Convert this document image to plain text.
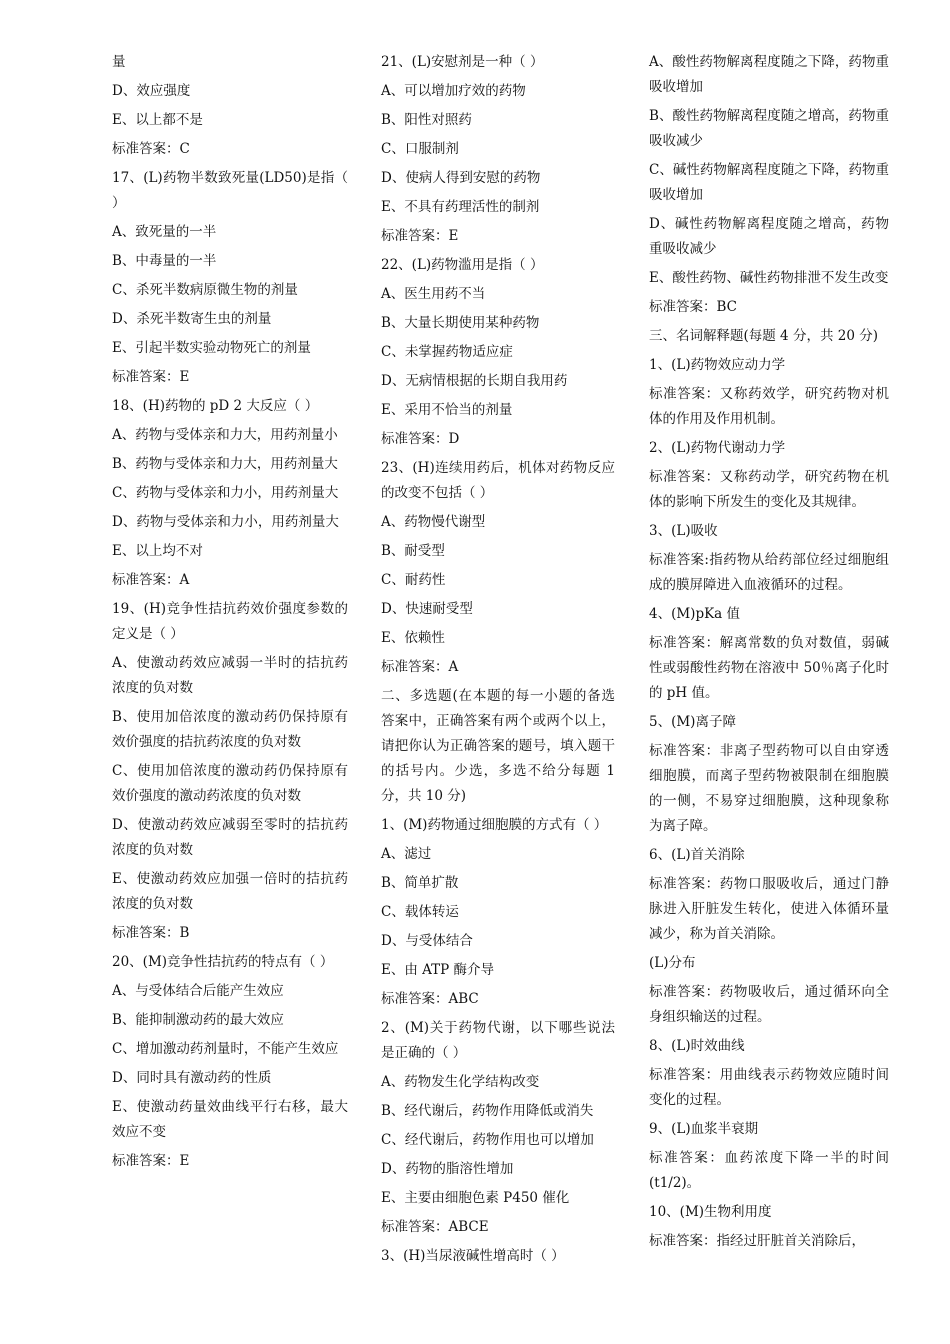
量

D、效应强度

E、以上都不是

标准答案：C

17、(L)药物半数致死量(LD50)是指（ ）

A、致死量的一半

B、中毒量的一半

C、杀死半数病原微生物的剂量

D、杀死半数寄生虫的剂量

E、引起半数实验动物死亡的剂量

标准答案：E

18、(H)药物的 pD 2 大反应（ ）

A、药物与受体亲和力大，用药剂量小

B、药物与受体亲和力大，用药剂量大

C、药物与受体亲和力小，用药剂量大

D、药物与受体亲和力小，用药剂量大

E、以上均不对

标准答案：A

19、(H)竞争性拮抗药效价强度参数的定义是（ ）

A、使激动药效应减弱一半时的拮抗药浓度的负对数

B、使用加倍浓度的激动药仍保持原有效价强度的拮抗药浓度的负对数

C、使用加倍浓度的激动药仍保持原有效价强度的激动药浓度的负对数

D、使激动药效应减弱至零时的拮抗药浓度的负对数

E、使激动药效应加强一倍时的拮抗药浓度的负对数

标准答案：B

20、(M)竞争性拮抗药的特点有（ ）

A、与受体结合后能产生效应

B、能抑制激动药的最大效应

C、增加激动药剂量时，不能产生效应

D、同时具有激动药的性质

E、使激动药量效曲线平行右移，最大效应不变

标准答案：E

21、(L)安慰剂是一种（ ）

A、可以增加疗效的药物

B、阳性对照药

C、口服制剂

D、使病人得到安慰的药物

E、不具有药理活性的制剂

标准答案：E

22、(L)药物滥用是指（ ）

A、医生用药不当

B、大量长期使用某种药物

C、未掌握药物适应症

D、无病情根据的长期自我用药

E、采用不恰当的剂量

标准答案：D

23、(H)连续用药后，机体对药物反应的改变不包括（ ）

A、药物慢代谢型

B、耐受型

C、耐药性

D、快速耐受型

E、依赖性

标准答案：A

二、多选题(在本题的每一小题的备选答案中，正确答案有两个或两个以上，请把你认为正确答案的题号，填入题干的括号内。少选，多选不给分每题 1 分，共 10 分)

1、(M)药物通过细胞膜的方式有（ ）

A、滤过

B、简单扩散

C、载体转运

D、与受体结合

E、由 ATP 酶介导

标准答案：ABC

2、(M)关于药物代谢，以下哪些说法是正确的（ ）

A、药物发生化学结构改变

B、经代谢后，药物作用降低或消失

C、经代谢后，药物作用也可以增加

D、药物的脂溶性增加

E、主要由细胞色素 P450 催化

标准答案：ABCE

3、(H)当尿液碱性增高时（ ）

A、酸性药物解离程度随之下降，药物重吸收增加

B、酸性药物解离程度随之增高，药物重吸收减少

C、碱性药物解离程度随之下降，药物重吸收增加

D、碱性药物解离程度随之增高，药物重吸收减少

E、酸性药物、碱性药物排泄不发生改变

标准答案：BC

三、名词解释题(每题 4 分，共 20 分)

1、(L)药物效应动力学

标准答案：又称药效学，研究药物对机体的作用及作用机制。

2、(L)药物代谢动力学

标准答案：又称药动学，研究药物在机体的影响下所发生的变化及其规律。

3、(L)吸收

标准答案:指药物从给药部位经过细胞组成的膜屏障进入血液循环的过程。

4、(M)pKa 值

标准答案：解离常数的负对数值，弱碱性或弱酸性药物在溶液中 50％离子化时的 pH 值。

5、(M)离子障

标准答案：非离子型药物可以自由穿透细胞膜，而离子型药物被限制在细胞膜的一侧，不易穿过细胞膜，这种现象称为离子障。

6、(L)首关消除

标准答案：药物口服吸收后，通过门静脉进入肝脏发生转化，使进入体循环量减少，称为首关消除。

(L)分布

标准答案：药物吸收后，通过循环向全身组织输送的过程。

8、(L)时效曲线

标准答案：用曲线表示药物效应随时间变化的过程。

9、(L)血浆半衰期

标准答案：血药浓度下降一半的时间(t1/2)。

10、(M)生物利用度

标准答案：指经过肝脏首关消除后，
